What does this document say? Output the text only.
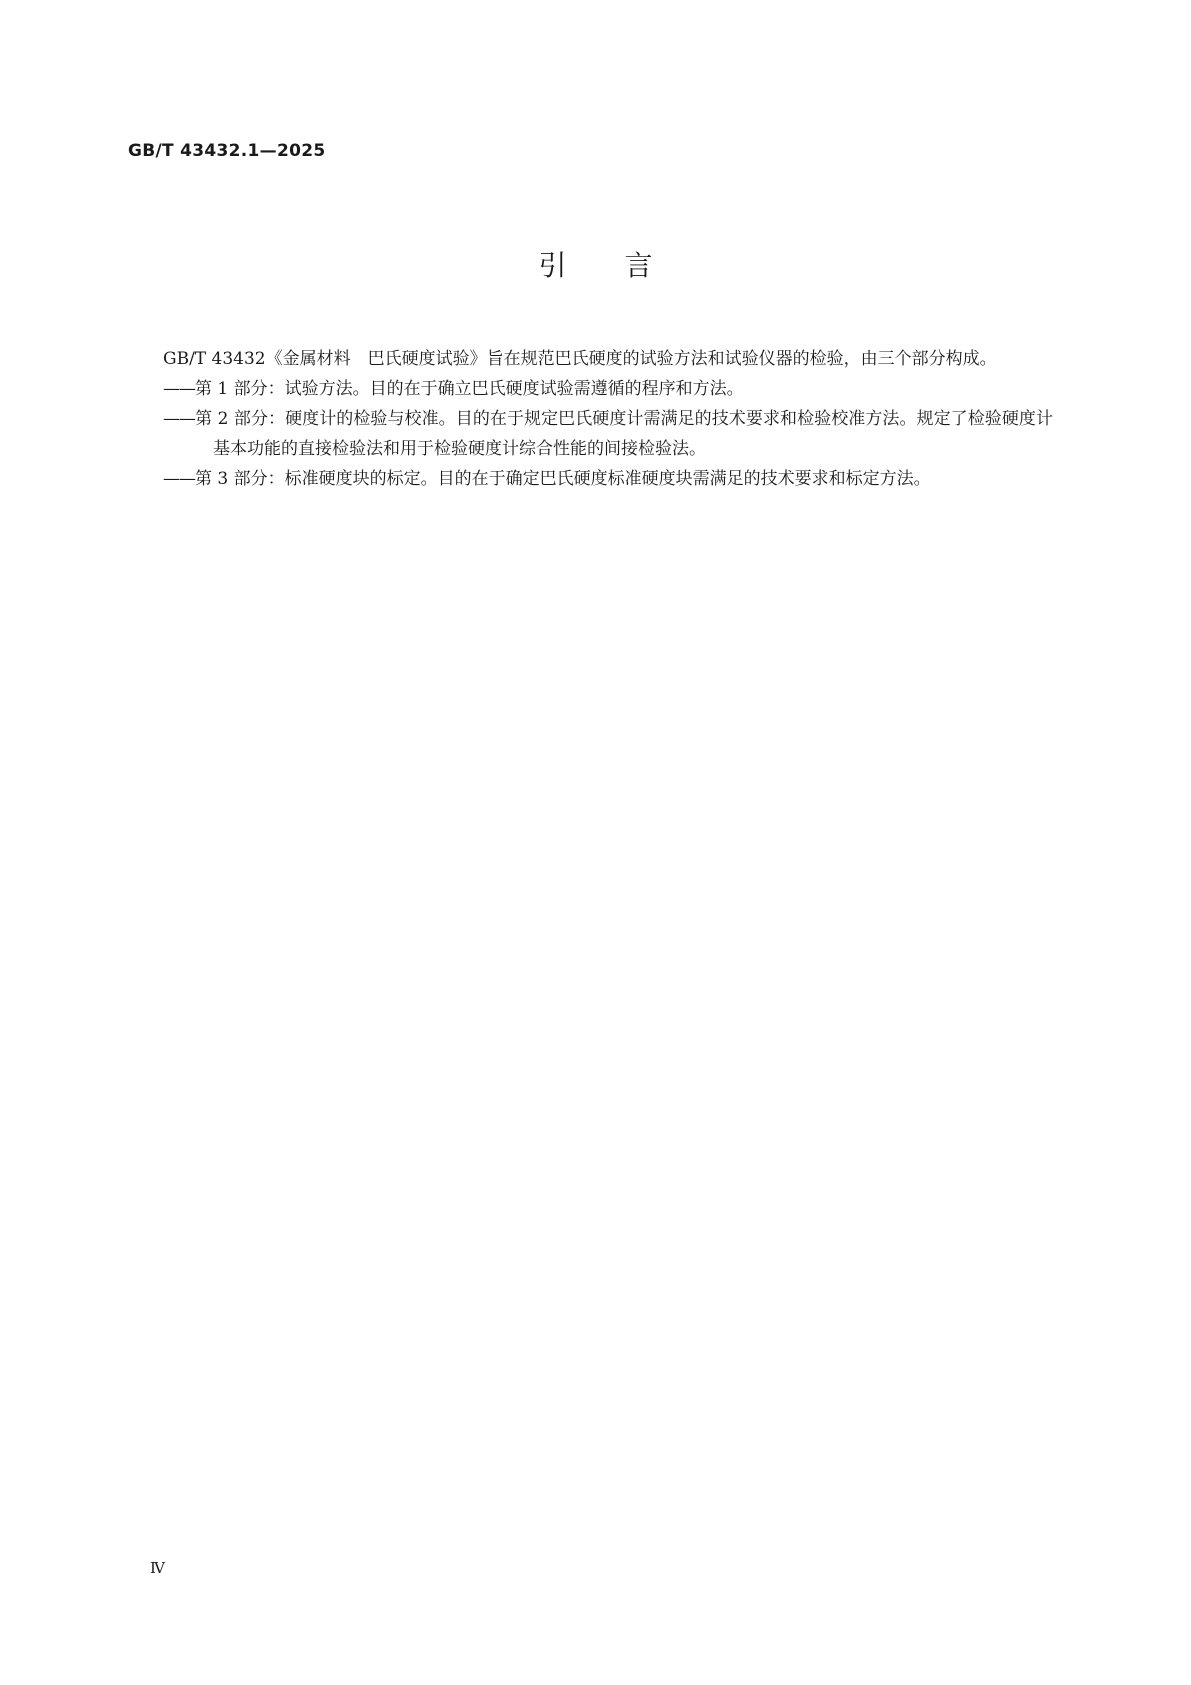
GB/T 43432.1—2025
引言

GB/T 43432《金属材料　巴氏硬度试验》旨在规范巴氏硬度的试验方法和试验仪器的检验，由三个部分构成。

——第 1 部分：试验方法。目的在于确立巴氏硬度试验需遵循的程序和方法。

——第 2 部分：硬度计的检验与校准。目的在于规定巴氏硬度计需满足的技术要求和检验校准方法。规定了检验硬度计基本功能的直接检验法和用于检验硬度计综合性能的间接检验法。

——第 3 部分：标准硬度块的标定。目的在于确定巴氏硬度标准硬度块需满足的技术要求和标定方法。

Ⅳ
